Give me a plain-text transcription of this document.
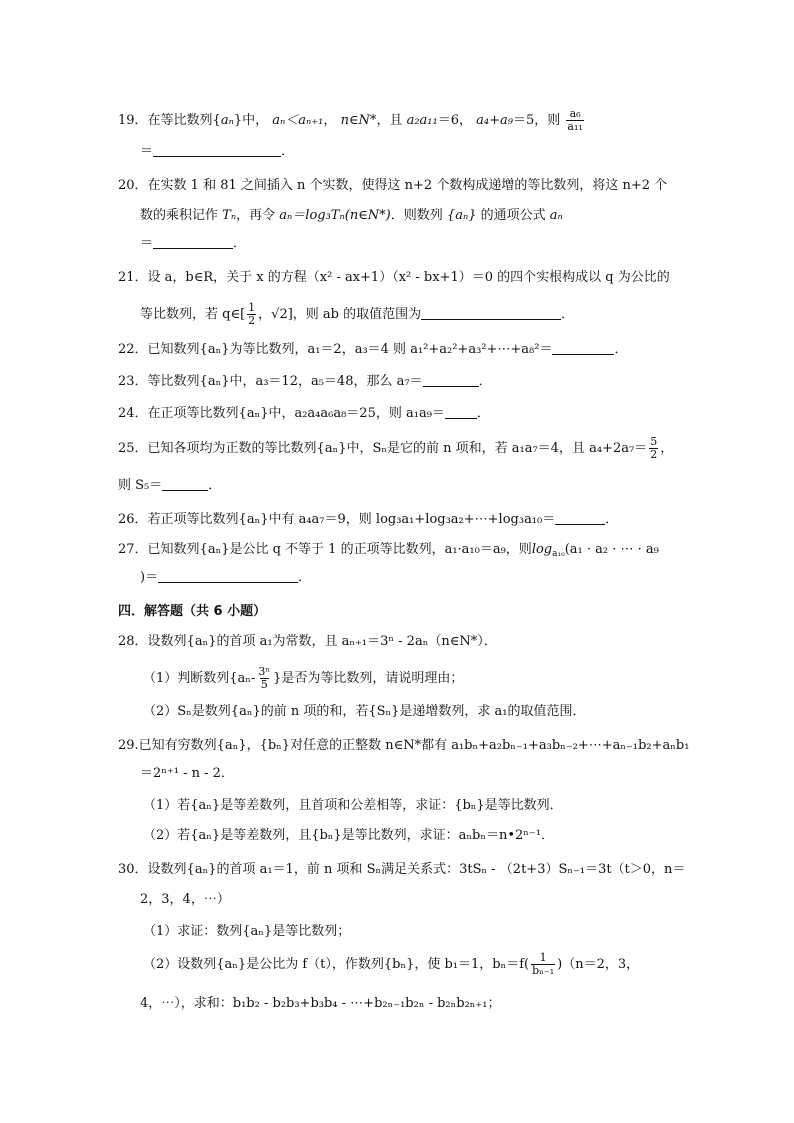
19．在等比数列{aₙ}中， aₙ＜aₙ₊₁， n∈N*，且 a₂a₁₁＝6， a₄+a₉＝5，则 $\frac{\text{a₆}}{\text{a₁₁}}$
＝	．
20．在实数 1 和 81 之间插入 n 个实数，使得这 n+2 个数构成递增的等比数列，将这 n+2 个
数的乘积记作 Tₙ，再令 aₙ＝log₃Tₙ(n∈N*)．则数列 {aₙ} 的通项公式 aₙ
＝	．
21．设 a，b∈R，关于 x 的方程（x² - ax+1）（x² - bx+1）＝0 的四个实根构成以 q 为公比的
等比数列，若 q∈[ $\frac{1}{2}$ ，√2]，则 ab 的取值范围为	．
22．已知数列{aₙ}为等比数列，a₁＝2，a₃＝4 则 a₁²+a₂²+a₃²+⋯+a₈²＝	．
23．等比数列{aₙ}中，a₃＝12，a₅＝48，那么 a₇＝	．
24．在正项等比数列{aₙ}中，a₂a₄a₆a₈＝25，则 a₁a₉＝ ．
25．已知各项均为正数的等比数列{aₙ}中，Sₙ是它的前 n 项和，若 a₁a₇＝4，且 $a_4+2a_7= \frac{5}{2}$ ，
则 S₅＝	．
26．若正项等比数列{aₙ}中有 a₄a₇＝9，则 log₃a₁+log₃a₂+⋯+log₃a₁₀＝	．
27．已知数列{aₙ}是公比 q 不等于 1 的正项等比数列，a₁·a₁₀＝a₉，则$\log_{a_{10}}(a_1 \cdot a_2$ · ⋯ · a₉
)＝	．
四．解答题（共 6 小题）
28．设数列{aₙ}的首项 a₁为常数，且 aₙ₊₁＝3ⁿ - 2aₙ（n∈N*）．
（1）判断数列{$a_n- \frac{\text{3ⁿ}}{5}$ }是否为等比数列，请说明理由；
（2）Sₙ是数列{aₙ}的前 n 项的和，若{Sₙ}是递增数列，求 a₁的取值范围．
29.已知有穷数列{aₙ}，{bₙ}对任意的正整数 n∈N*都有 a₁bₙ+a₂bₙ₋₁+a₃bₙ₋₂+⋯+aₙ₋₁b₂+aₙb₁
＝2ⁿ⁺¹ - n - 2．
（1）若{aₙ}是等差数列，且首项和公差相等，求证：{bₙ}是等比数列．
（2）若{aₙ}是等差数列，且{bₙ}是等比数列，求证：aₙbₙ＝n•2ⁿ⁻¹．
30．设数列{aₙ}的首项 a₁＝1，前 n 项和 Sₙ满足关系式：3tSₙ - （2t+3）Sₙ₋₁＝3t（t＞0，n＝
2，3，4，⋯）
（1）求证：数列{aₙ}是等比数列；
（2）设数列{aₙ}是公比为 f（t），作数列{bₙ}，使 b₁＝1，$b_n=f( \frac{1}{\text{bₙ₋₁}} )(n=2$，3，
4，⋯），求和：b₁b₂ - b₂b₃+b₃b₄ - ⋯+b₂ₙ₋₁b₂ₙ - b₂ₙb₂ₙ₊₁；
